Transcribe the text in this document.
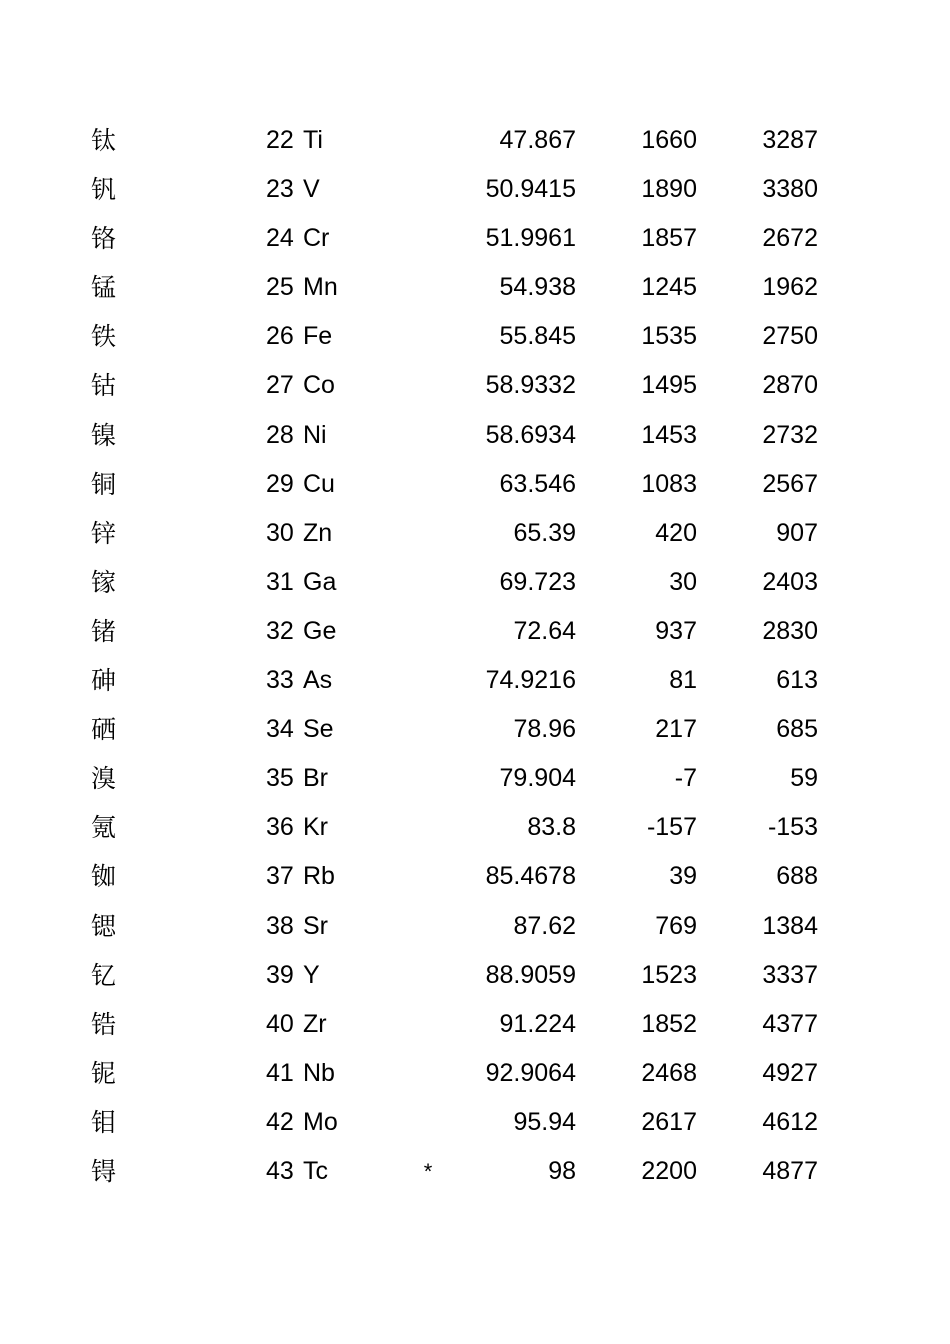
钛	22 Ti	47.867	1660	3287
钒	23 V	50.9415	1890	3380
铬	24 Cr	51.9961	1857	2672
锰	25 Mn	54.938	1245	1962
铁	26 Fe	55.845	1535	2750
钴	27 Co	58.9332	1495	2870
镍	28 Ni	58.6934	1453	2732
铜	29 Cu	63.546	1083	2567
锌	30 Zn	65.39	420	907
镓	31 Ga	69.723	30	2403
锗	32 Ge	72.64	937	2830
砷	33 As	74.9216	81	613
硒	34 Se	78.96	217	685
溴	35 Br	79.904	-7	59
氪	36 Kr	83.8	-157	-153
铷	37 Rb	85.4678	39	688
锶	38 Sr	87.62	769	1384
钇	39 Y	88.9059	1523	3337
锆	40 Zr	91.224	1852	4377
铌	41 Nb	92.9064	2468	4927
钼	42 Mo	95.94	2617	4612
锝	43 Tc	*	98	2200	4877
